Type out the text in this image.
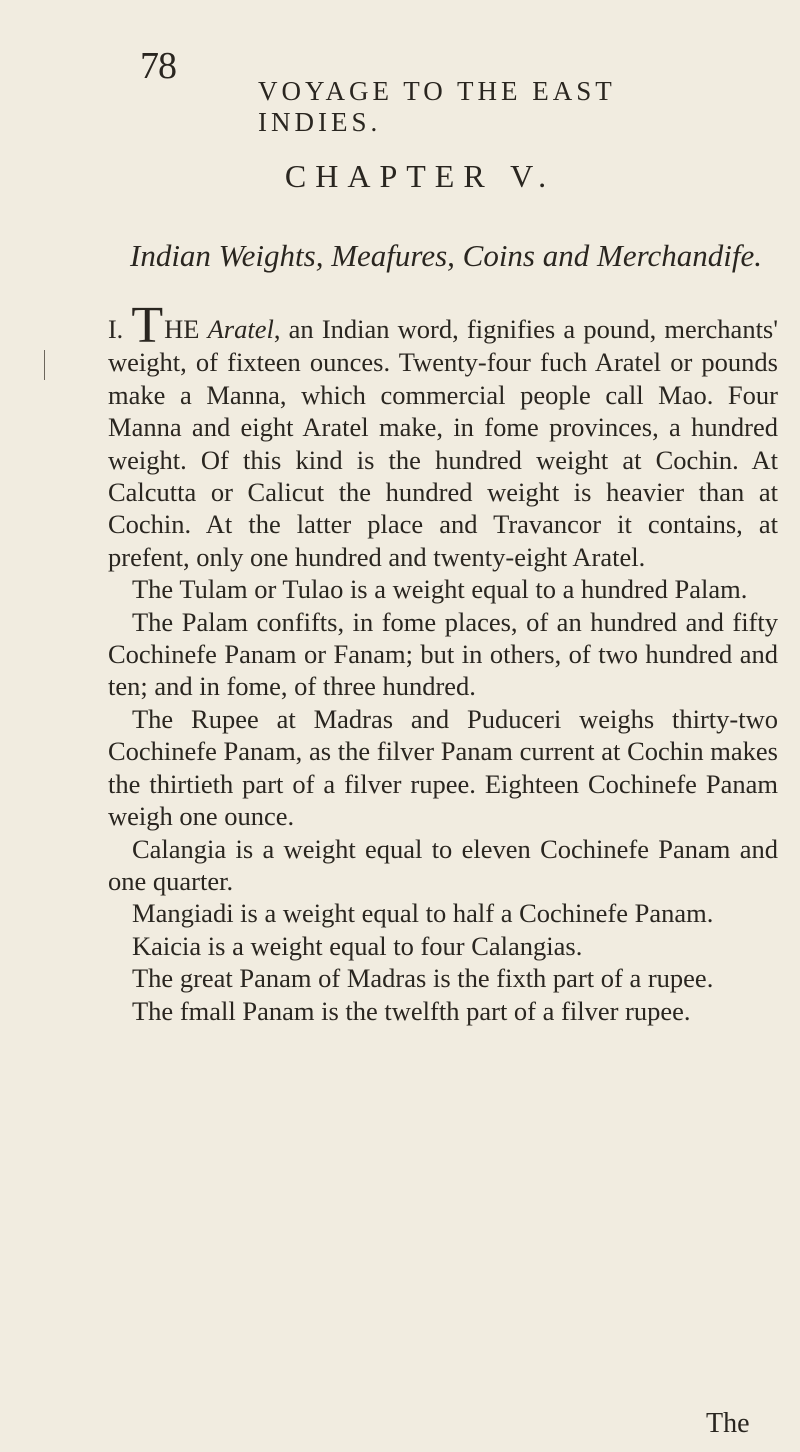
78
VOYAGE TO THE EAST INDIES.
CHAPTER V.
Indian Weights, Meafures, Coins and Merchandife.

I. THE Aratel, an Indian word, fignifies a pound, merchants' weight, of fixteen ounces. Twenty-four fuch Aratel or pounds make a Manna, which commercial people call Mao. Four Manna and eight Aratel make, in fome provinces, a hundred weight. Of this kind is the hundred weight at Cochin. At Calcutta or Calicut the hundred weight is heavier than at Cochin. At the latter place and Travancor it contains, at prefent, only one hundred and twenty-eight Aratel.

The Tulam or Tulao is a weight equal to a hundred Palam.

The Palam confifts, in fome places, of an hundred and fifty Cochinefe Panam or Fanam; but in others, of two hundred and ten; and in fome, of three hundred.

The Rupee at Madras and Puduceri weighs thirty-two Cochinefe Panam, as the filver Panam current at Cochin makes the thirtieth part of a filver rupee. Eighteen Cochinefe Panam weigh one ounce.

Calangia is a weight equal to eleven Cochinefe Panam and one quarter.

Mangiadi is a weight equal to half a Cochinefe Panam.

Kaicia is a weight equal to four Calangias.

The great Panam of Madras is the fixth part of a rupee.

The fmall Panam is the twelfth part of a filver rupee.

The
